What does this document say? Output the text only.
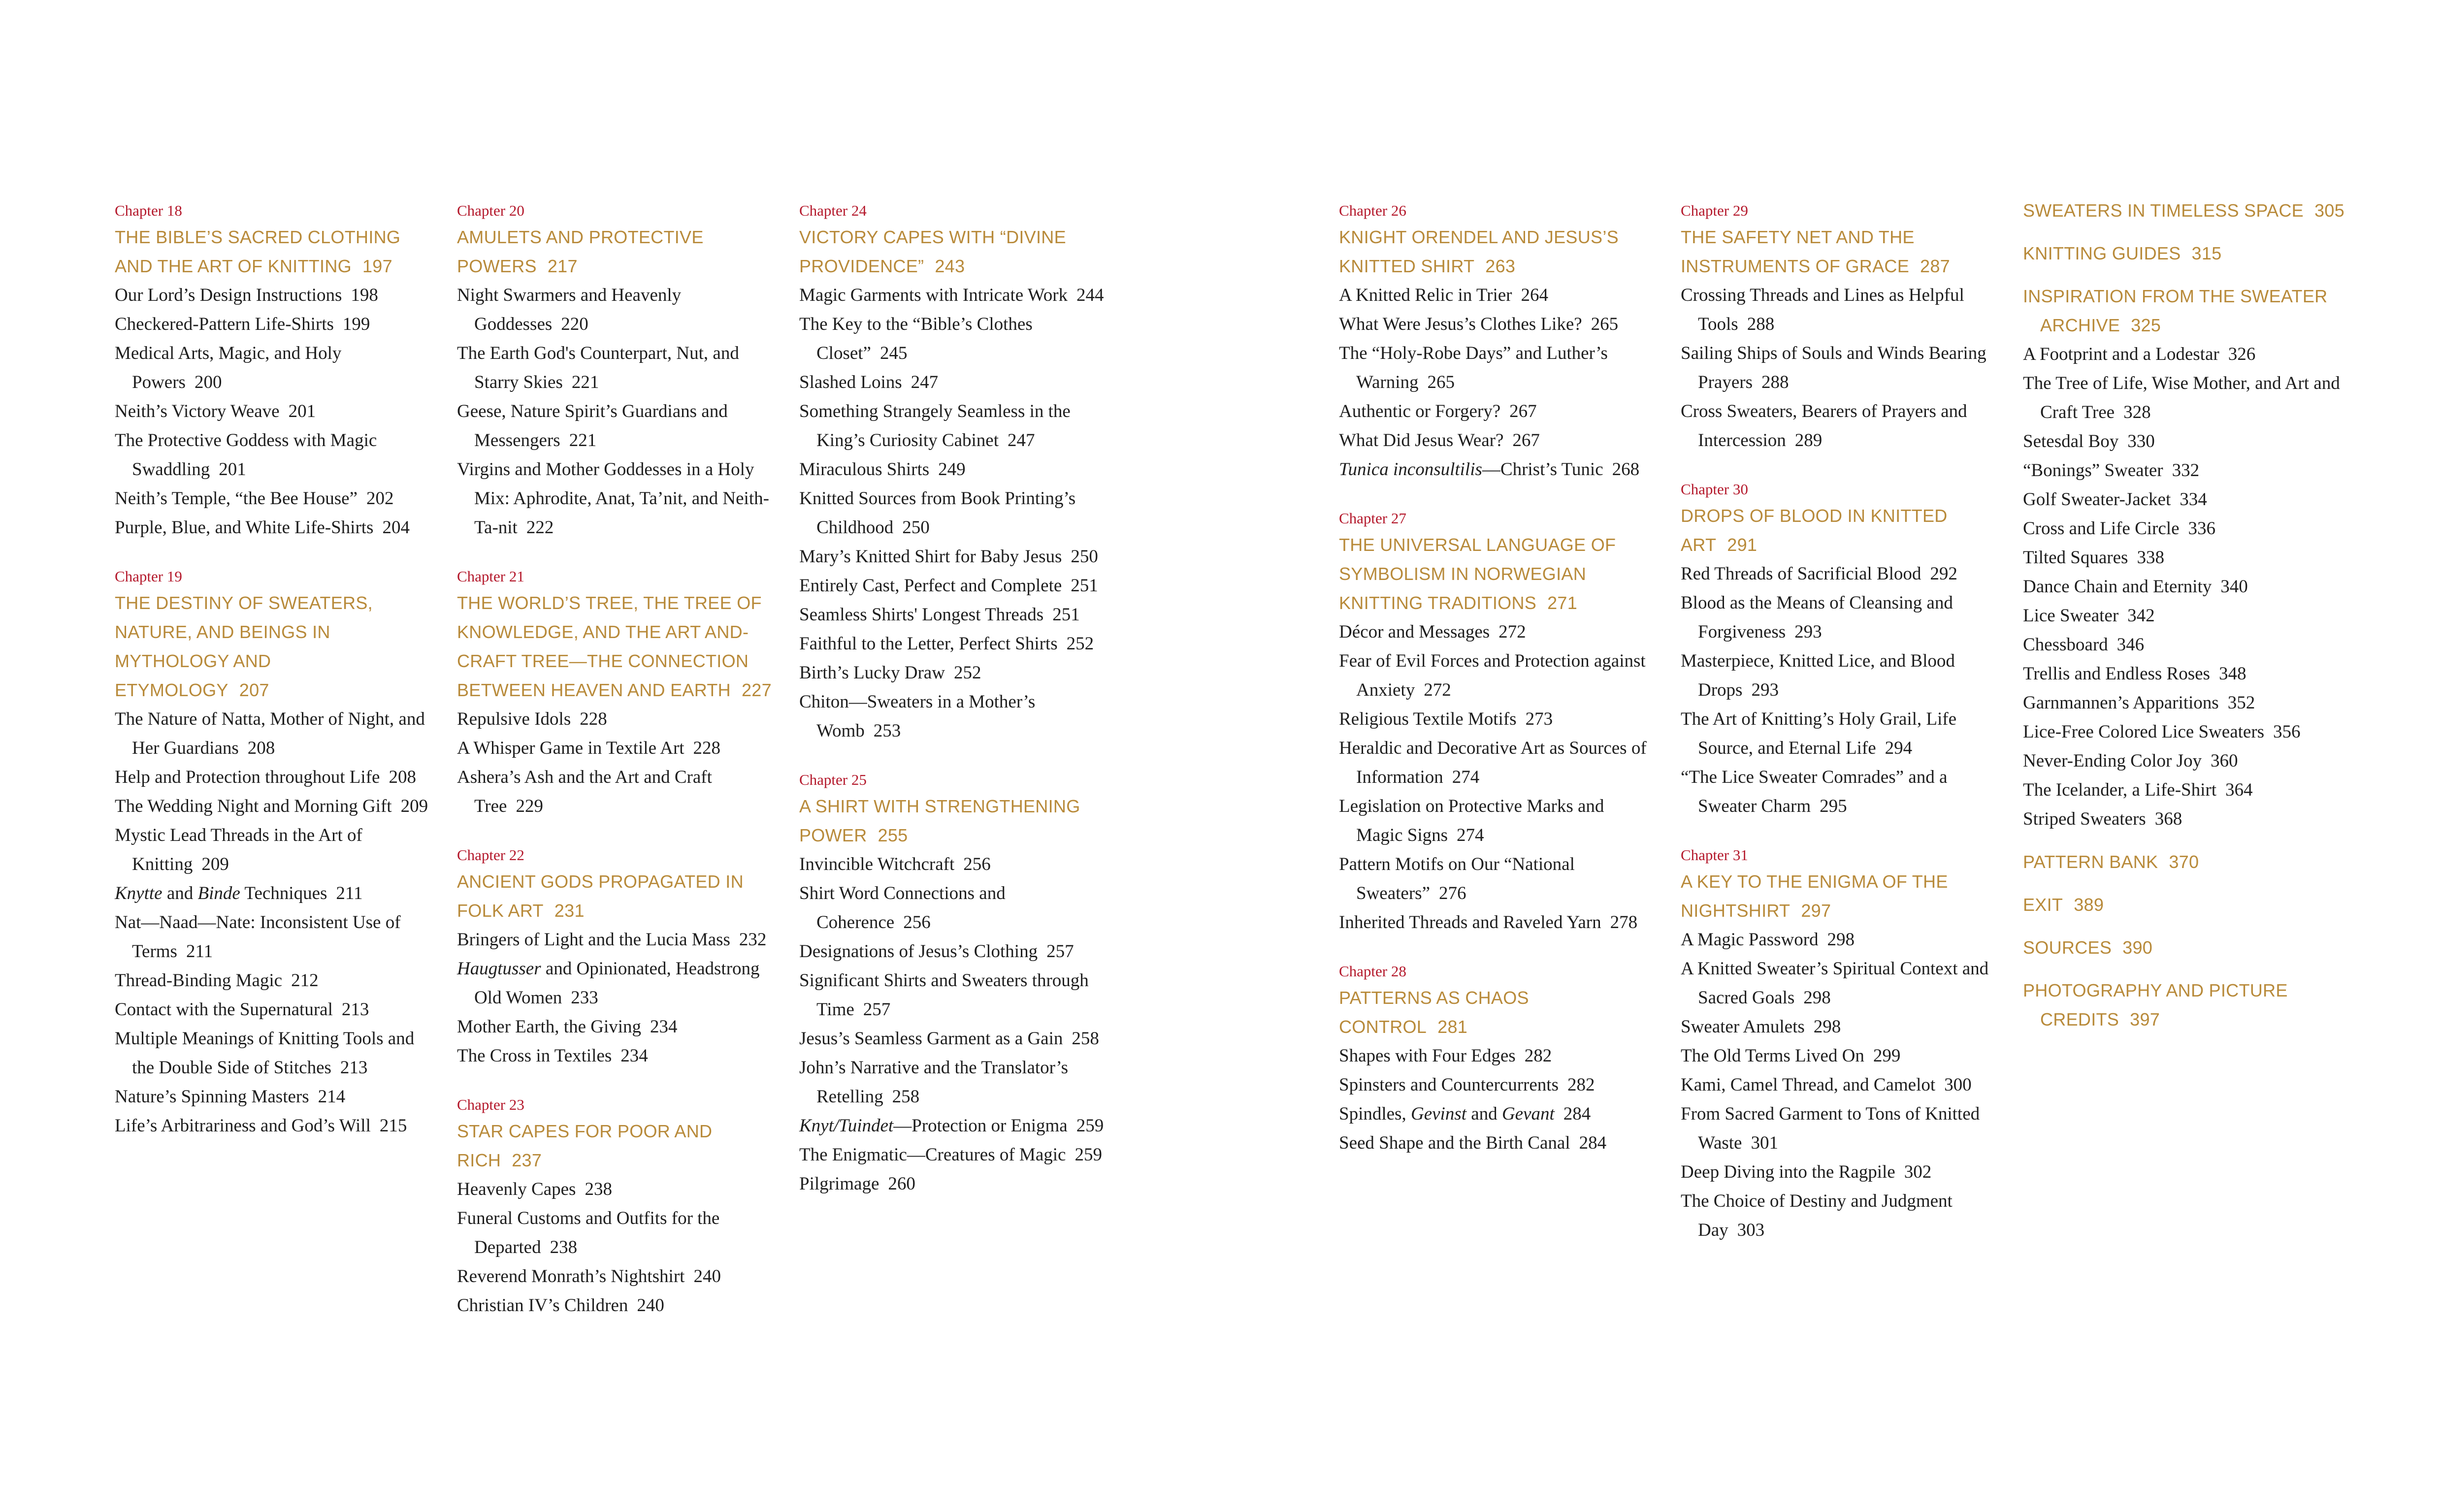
Chapter 18

THE BIBLE’S SACRED CLOTHING AND THE ART OF KNITTING 197

Our Lord’s Design Instructions 198

Checkered-Pattern Life-Shirts 199

Medical Arts, Magic, and Holy Powers 200

Neith’s Victory Weave 201

The Protective Goddess with Magic Swaddling 201

Neith’s Temple, “the Bee House” 202

Purple, Blue, and White Life-Shirts 204

Chapter 19

THE DESTINY OF SWEATERS, NATURE, AND BEINGS IN MYTHOLOGY AND ETYMOLOGY 207

The Nature of Natta, Mother of Night, and Her Guardians 208

Help and Protection throughout Life 208

The Wedding Night and Morning Gift 209

Mystic Lead Threads in the Art of Knitting 209

Knytte and Binde Techniques 211

Nat—Naad—Nate: Inconsistent Use of Terms 211

Thread-Binding Magic 212

Contact with the Supernatural 213

Multiple Meanings of Knitting Tools and the Double Side of Stitches 213

Nature’s Spinning Masters 214

Life’s Arbitrariness and God’s Will 215

Chapter 20

AMULETS AND PROTECTIVE POWERS 217

Night Swarmers and Heavenly Goddesses 220

The Earth God's Counterpart, Nut, and Starry Skies 221

Geese, Nature Spirit’s Guardians and Messengers 221

Virgins and Mother Goddesses in a Holy Mix: Aphrodite, Anat, Ta’nit, and Neith-Ta-nit 222

Chapter 21

THE WORLD’S TREE, THE TREE OF KNOWLEDGE, AND THE ART AND-CRAFT TREE—THE CONNECTION BETWEEN HEAVEN AND EARTH 227

Repulsive Idols 228

A Whisper Game in Textile Art 228

Ashera’s Ash and the Art and Craft Tree 229

Chapter 22

ANCIENT GODS PROPAGATED IN FOLK ART 231

Bringers of Light and the Lucia Mass 232

Haugtusser and Opinionated, Headstrong Old Women 233

Mother Earth, the Giving 234

The Cross in Textiles 234

Chapter 23

STAR CAPES FOR POOR AND RICH 237

Heavenly Capes 238

Funeral Customs and Outfits for the Departed 238

Reverend Monrath’s Nightshirt 240

Christian IV’s Children 240

Chapter 24

VICTORY CAPES WITH “DIVINE PROVIDENCE” 243

Magic Garments with Intricate Work 244

The Key to the “Bible’s Clothes Closet” 245

Slashed Loins 247

Something Strangely Seamless in the King’s Curiosity Cabinet 247

Miraculous Shirts 249

Knitted Sources from Book Printing’s Childhood 250

Mary’s Knitted Shirt for Baby Jesus 250

Entirely Cast, Perfect and Complete 251

Seamless Shirts' Longest Threads 251

Faithful to the Letter, Perfect Shirts 252

Birth’s Lucky Draw 252

Chiton—Sweaters in a Mother’s Womb 253

Chapter 25

A SHIRT WITH STRENGTHENING POWER 255

Invincible Witchcraft 256

Shirt Word Connections and Coherence 256

Designations of Jesus’s Clothing 257

Significant Shirts and Sweaters through Time 257

Jesus’s Seamless Garment as a Gain 258

John’s Narrative and the Translator’s Retelling 258

Knyt/Tuindet—Protection or Enigma 259

The Enigmatic—Creatures of Magic 259

Pilgrimage 260

Chapter 26

KNIGHT ORENDEL AND JESUS’S KNITTED SHIRT 263

A Knitted Relic in Trier 264

What Were Jesus’s Clothes Like? 265

The “Holy-Robe Days” and Luther’s Warning 265

Authentic or Forgery? 267

What Did Jesus Wear? 267

Tunica inconsultilis—Christ’s Tunic 268

Chapter 27

THE UNIVERSAL LANGUAGE OF SYMBOLISM IN NORWEGIAN KNITTING TRADITIONS 271

Décor and Messages 272

Fear of Evil Forces and Protection against Anxiety 272

Religious Textile Motifs 273

Heraldic and Decorative Art as Sources of Information 274

Legislation on Protective Marks and Magic Signs 274

Pattern Motifs on Our “National Sweaters” 276

Inherited Threads and Raveled Yarn 278

Chapter 28

PATTERNS AS CHAOS CONTROL 281

Shapes with Four Edges 282

Spinsters and Countercurrents 282

Spindles, Gevinst and Gevant 284

Seed Shape and the Birth Canal 284

Chapter 29

THE SAFETY NET AND THE INSTRUMENTS OF GRACE 287

Crossing Threads and Lines as Helpful Tools 288

Sailing Ships of Souls and Winds Bearing Prayers 288

Cross Sweaters, Bearers of Prayers and Intercession 289

Chapter 30

DROPS OF BLOOD IN KNITTED ART 291

Red Threads of Sacrificial Blood 292

Blood as the Means of Cleansing and Forgiveness 293

Masterpiece, Knitted Lice, and Blood Drops 293

The Art of Knitting’s Holy Grail, Life Source, and Eternal Life 294

“The Lice Sweater Comrades” and a Sweater Charm 295

Chapter 31

A KEY TO THE ENIGMA OF THE NIGHTSHIRT 297

A Magic Password 298

A Knitted Sweater’s Spiritual Context and Sacred Goals 298

Sweater Amulets 298

The Old Terms Lived On 299

Kami, Camel Thread, and Camelot 300

From Sacred Garment to Tons of Knitted Waste 301

Deep Diving into the Ragpile 302

The Choice of Destiny and Judgment Day 303

SWEATERS IN TIMELESS SPACE 305

KNITTING GUIDES 315

INSPIRATION FROM THE SWEATER ARCHIVE 325

A Footprint and a Lodestar 326

The Tree of Life, Wise Mother, and Art and Craft Tree 328

Setesdal Boy 330

“Bonings” Sweater 332

Golf Sweater-Jacket 334

Cross and Life Circle 336

Tilted Squares 338

Dance Chain and Eternity 340

Lice Sweater 342

Chessboard 346

Trellis and Endless Roses 348

Garnmannen’s Apparitions 352

Lice-Free Colored Lice Sweaters 356

Never-Ending Color Joy 360

The Icelander, a Life-Shirt 364

Striped Sweaters 368

PATTERN BANK 370

EXIT 389

SOURCES 390

PHOTOGRAPHY AND PICTURE CREDITS 397
